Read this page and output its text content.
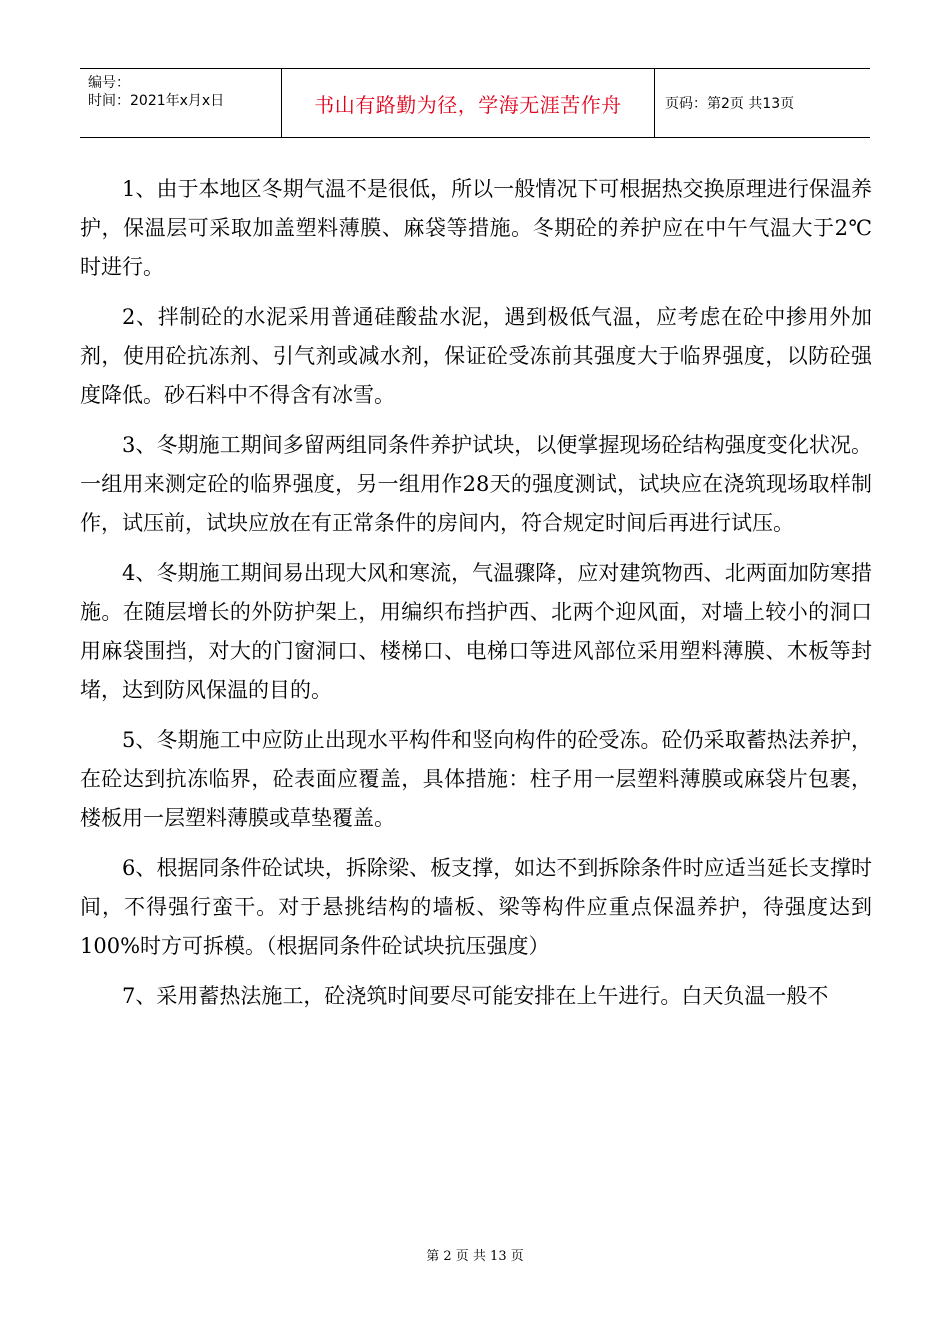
编号：
时间：2021年x月x日	书山有路勤为径，学海无涯苦作舟	页码：第2页 共13页

1、由于本地区冬期气温不是很低，所以一般情况下可根据热交换原理进行保温养护，保温层可采取加盖塑料薄膜、麻袋等措施。冬期砼的养护应在中午气温大于2℃时进行。

2、拌制砼的水泥采用普通硅酸盐水泥，遇到极低气温，应考虑在砼中掺用外加剂，使用砼抗冻剂、引气剂或减水剂，保证砼受冻前其强度大于临界强度，以防砼强度降低。砂石料中不得含有冰雪。

3、冬期施工期间多留两组同条件养护试块，以便掌握现场砼结构强度变化状况。一组用来测定砼的临界强度，另一组用作28天的强度测试，试块应在浇筑现场取样制作，试压前，试块应放在有正常条件的房间内，符合规定时间后再进行试压。

4、冬期施工期间易出现大风和寒流，气温骤降，应对建筑物西、北两面加防寒措施。在随层增长的外防护架上，用编织布挡护西、北两个迎风面，对墙上较小的洞口用麻袋围挡，对大的门窗洞口、楼梯口、电梯口等进风部位采用塑料薄膜、木板等封堵，达到防风保温的目的。

5、冬期施工中应防止出现水平构件和竖向构件的砼受冻。砼仍采取蓄热法养护，在砼达到抗冻临界，砼表面应覆盖，具体措施：柱子用一层塑料薄膜或麻袋片包裹，楼板用一层塑料薄膜或草垫覆盖。

6、根据同条件砼试块，拆除梁、板支撑，如达不到拆除条件时应适当延长支撑时间，不得强行蛮干。对于悬挑结构的墙板、梁等构件应重点保温养护，待强度达到100%时方可拆模。（根据同条件砼试块抗压强度）

7、采用蓄热法施工，砼浇筑时间要尽可能安排在上午进行。白天负温一般不

第 2 页 共 13 页
